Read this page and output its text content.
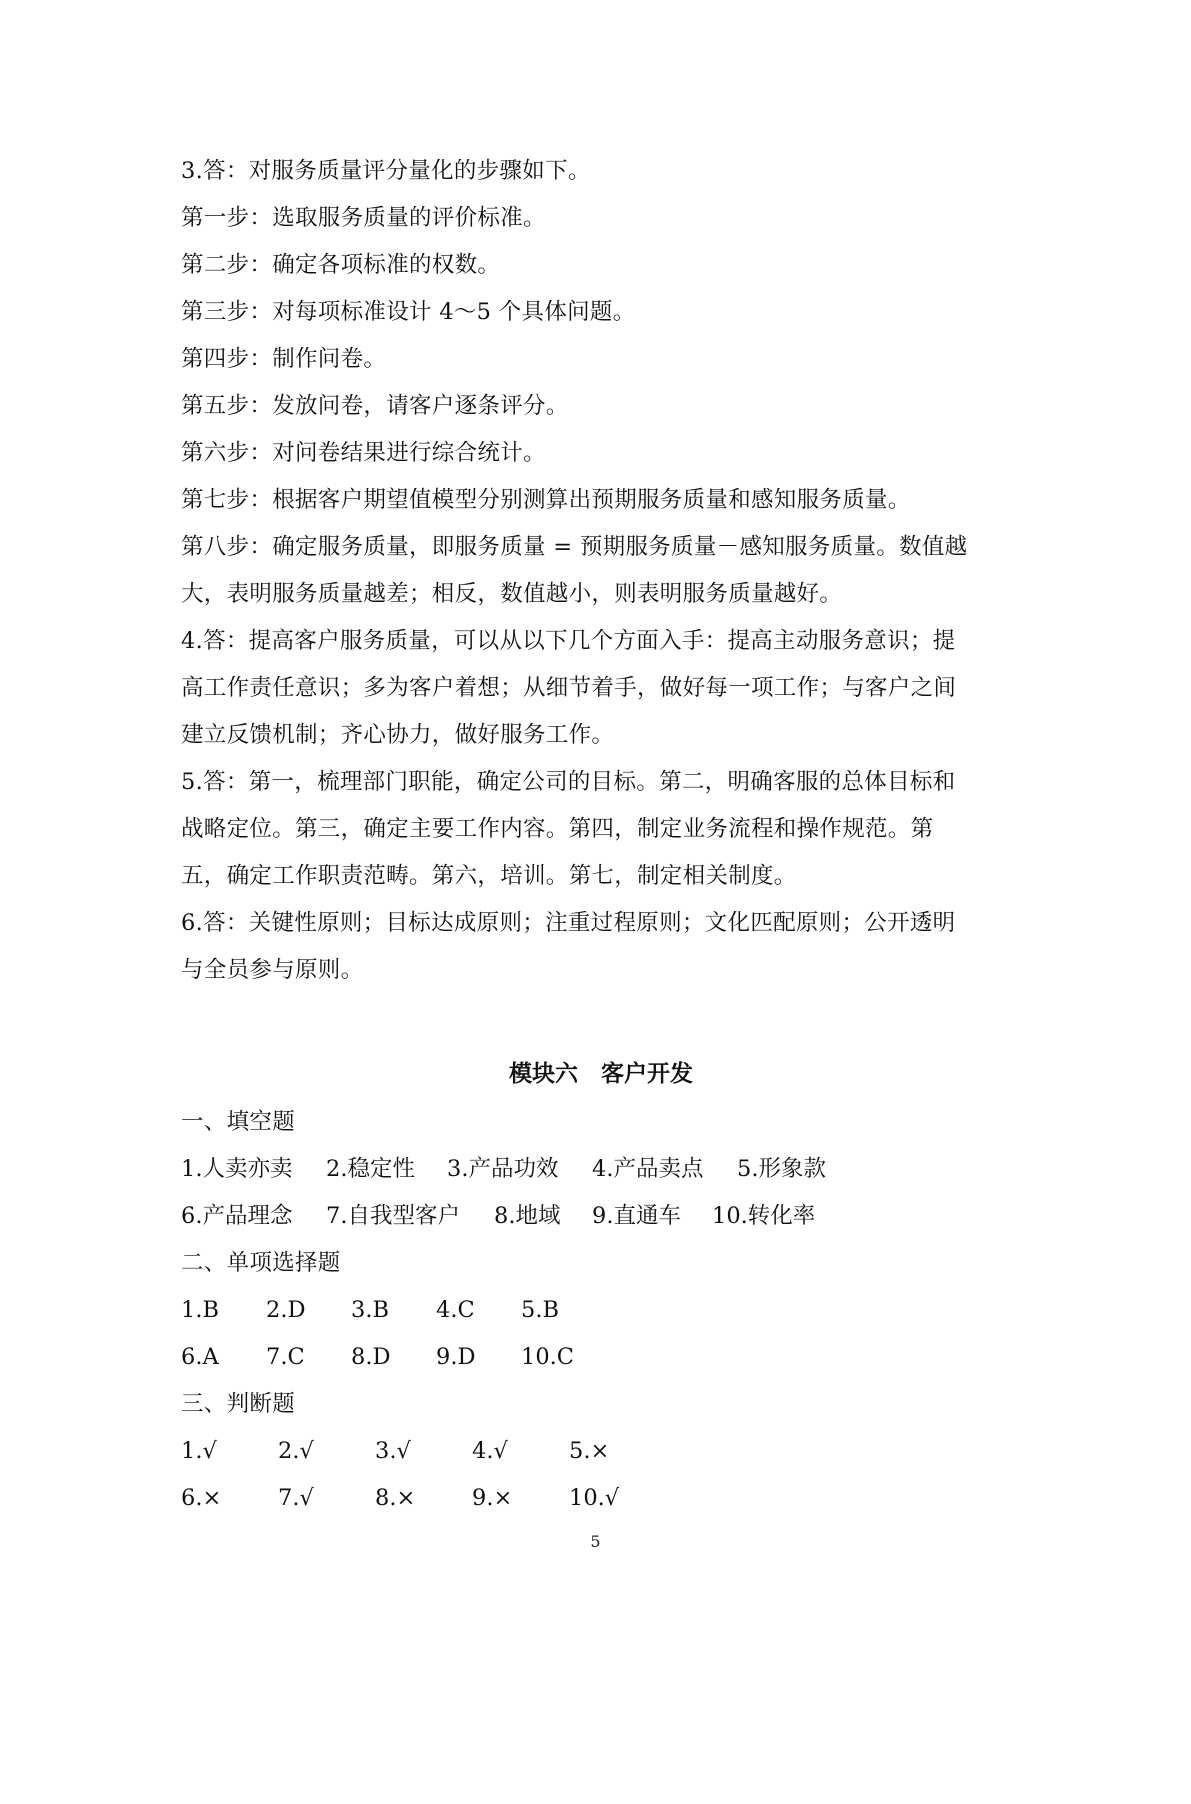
3.答：对服务质量评分量化的步骤如下。
第一步：选取服务质量的评价标准。
第二步：确定各项标准的权数。
第三步：对每项标准设计 4～5 个具体问题。
第四步：制作问卷。
第五步：发放问卷，请客户逐条评分。
第六步：对问卷结果进行综合统计。
第七步：根据客户期望值模型分别测算出预期服务质量和感知服务质量。
第八步：确定服务质量，即服务质量 = 预期服务质量－感知服务质量。数值越
大，表明服务质量越差；相反，数值越小，则表明服务质量越好。
4.答：提高客户服务质量，可以从以下几个方面入手：提高主动服务意识；提
高工作责任意识；多为客户着想；从细节着手，做好每一项工作；与客户之间
建立反馈机制；齐心协力，做好服务工作。
5.答：第一，梳理部门职能，确定公司的目标。第二，明确客服的总体目标和
战略定位。第三，确定主要工作内容。第四，制定业务流程和操作规范。第
五，确定工作职责范畴。第六，培训。第七，制定相关制度。
6.答：关键性原则；目标达成原则；注重过程原则；文化匹配原则；公开透明
与全员参与原则。
模块六　客户开发
一、填空题

1.人卖亦卖

2.稳定性

3.产品功效

4.产品卖点

5.形象款

6.产品理念

7.自我型客户

8.地域

9.直通车

10.转化率

二、单项选择题

1.B

2.D

3.B

4.C

5.B

6.A

7.C

8.D

9.D

10.C

三、判断题

1.√

	2.√

	3.√

	4.√

	5.×

6.×

	7.√

	8.×

	9.×

	10.√

5
